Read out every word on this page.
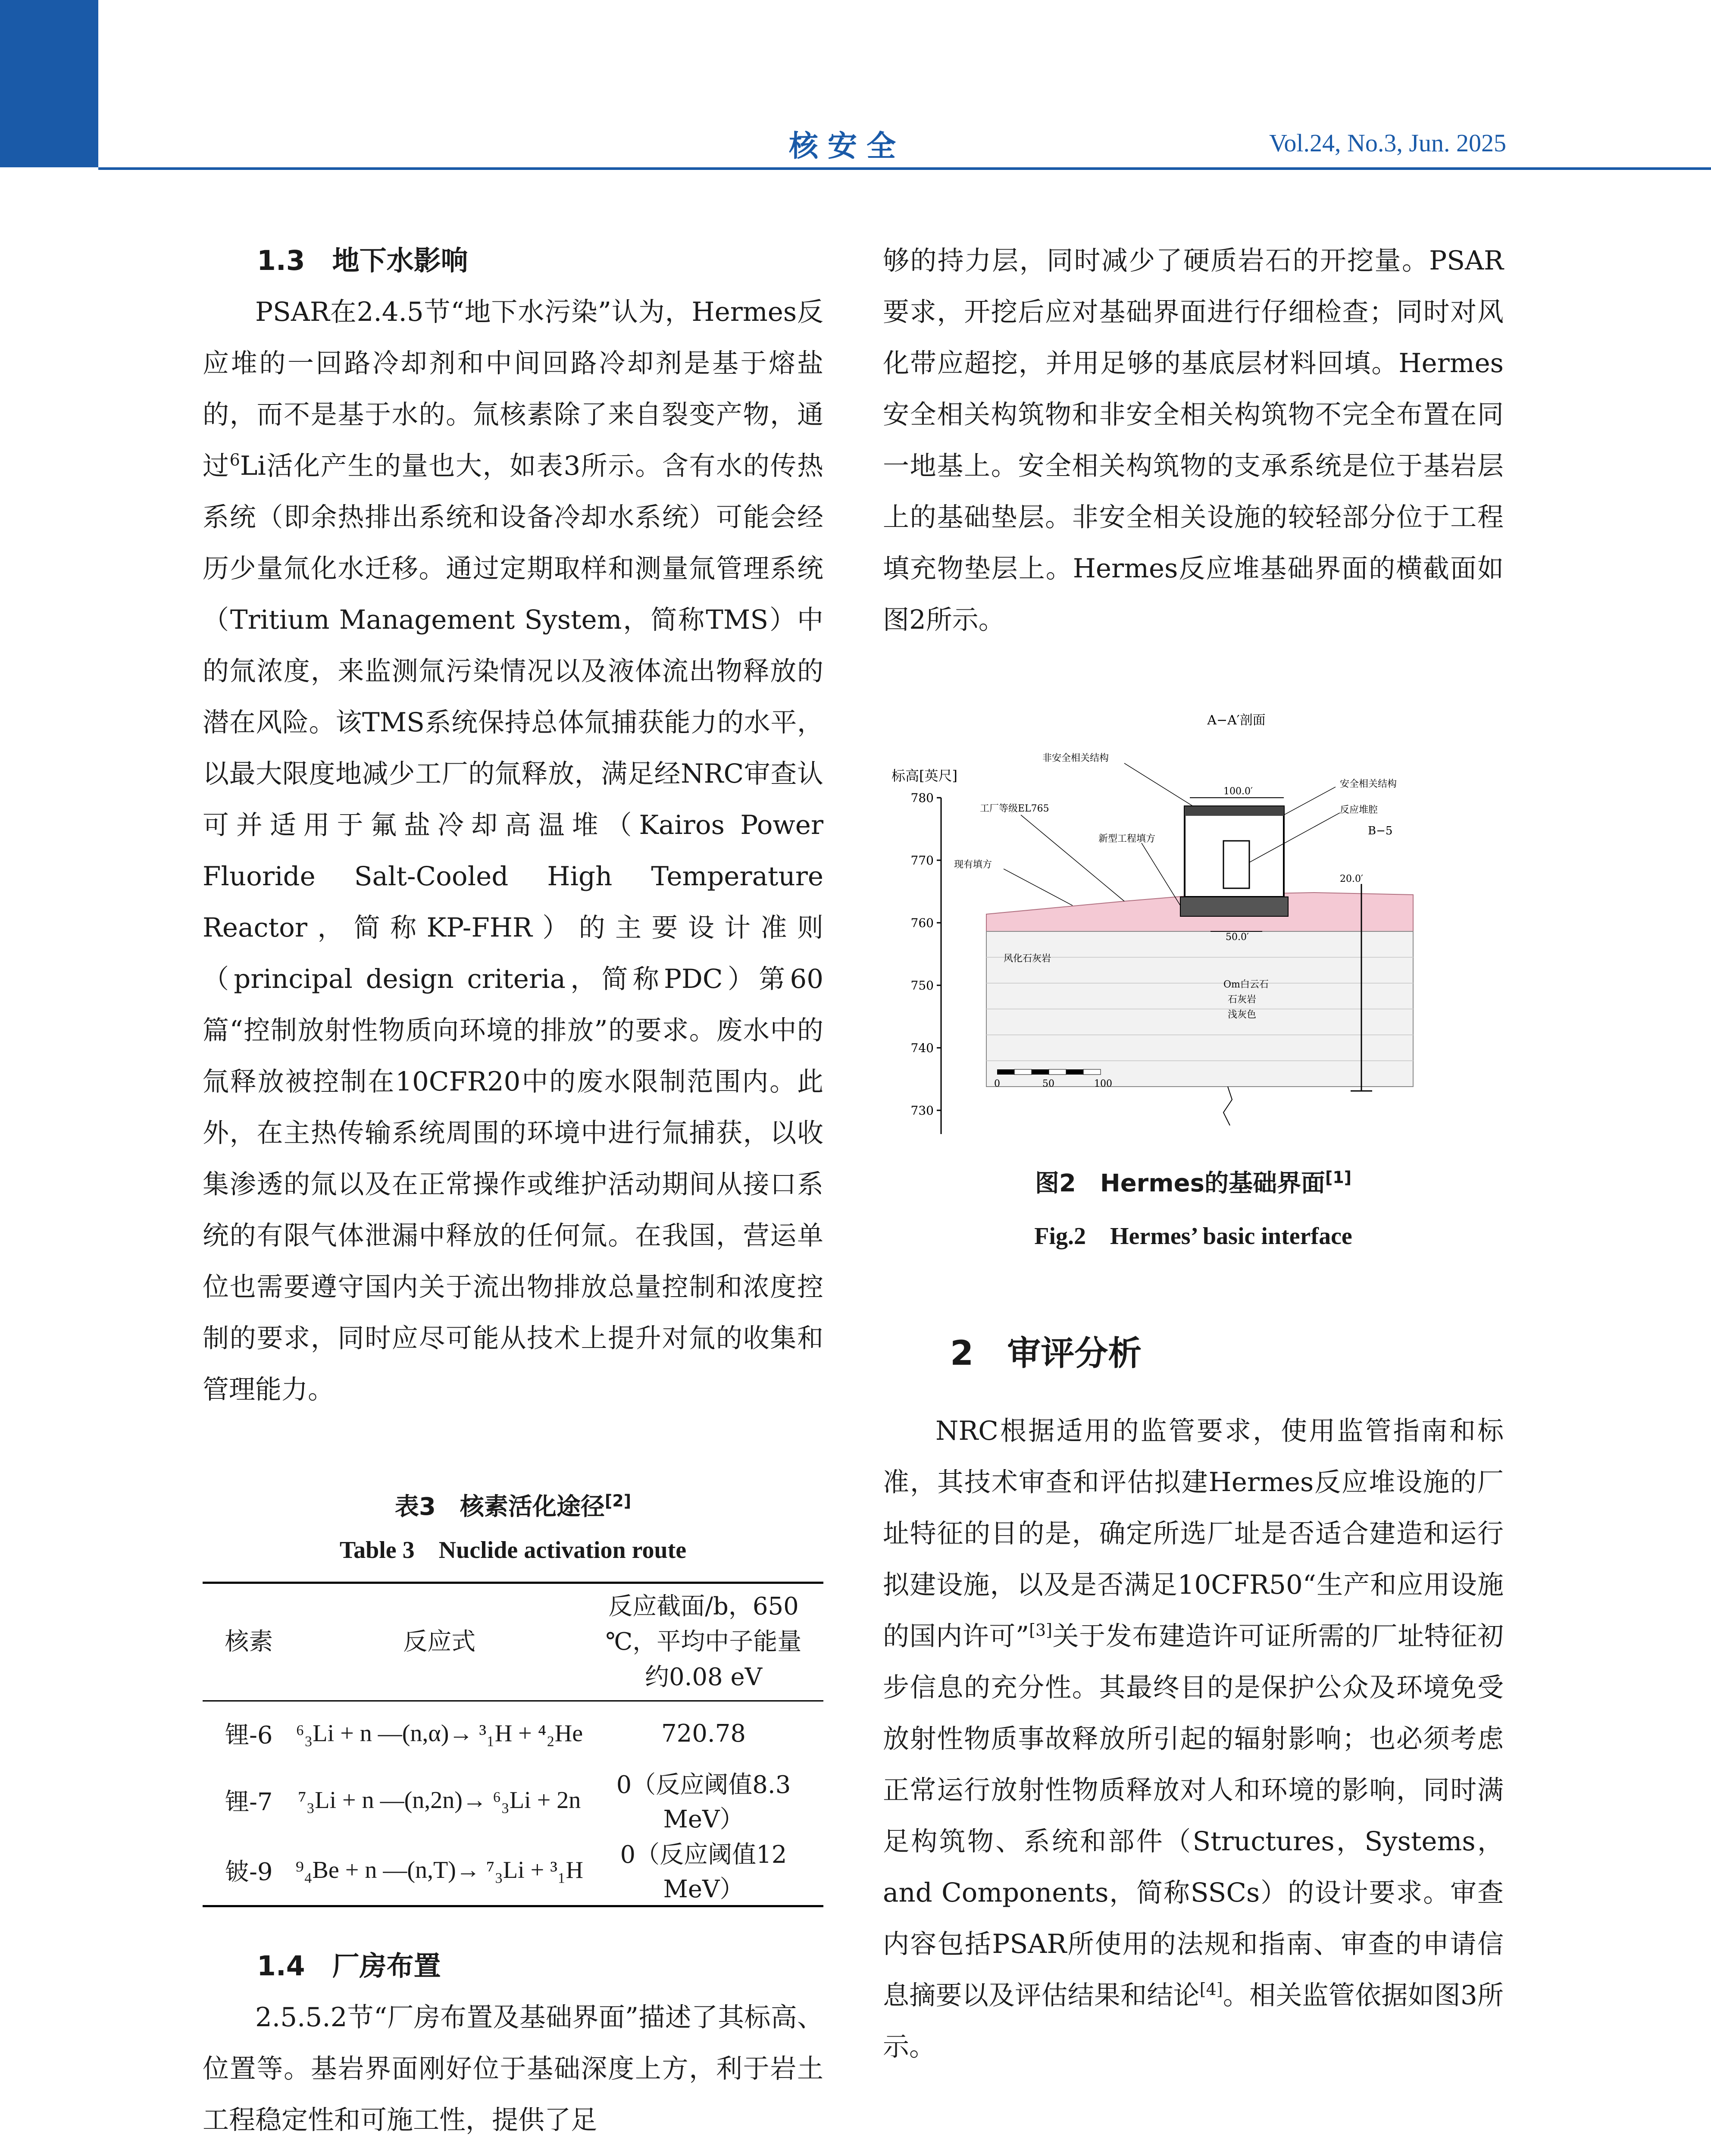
核安全	Vol.24, No.3, Jun. 2025

1.3　地下水影响

PSAR在2.4.5节“地下水污染”认为，Hermes反应堆的一回路冷却剂和中间回路冷却剂是基于熔盐的，而不是基于水的。氚核素除了来自裂变产物，通过$^6$Li活化产生的量也大，如表3所示。含有水的传热系统（即余热排出系统和设备冷却水系统）可能会经历少量氚化水迁移。通过定期取样和测量氚管理系统（Tritium Management System，简称TMS）中的氚浓度，来监测氚污染情况以及液体流出物释放的潜在风险。该TMS系统保持总体氚捕获能力的水平，以最大限度地减少工厂的氚释放，满足经NRC审查认可并适用于氟盐冷却高温堆（Kairos Power Fluoride Salt-Cooled High Temperature Reactor，简称KP-FHR）的主要设计准则（principal design criteria，简称PDC）第60篇“控制放射性物质向环境的排放”的要求。废水中的氚释放被控制在10CFR20中的废水限制范围内。此外，在主热传输系统周围的环境中进行氚捕获，以收集渗透的氚以及在正常操作或维护活动期间从接口系统的有限气体泄漏中释放的任何氚。在我国，营运单位也需要遵守国内关于流出物排放总量控制和浓度控制的要求，同时应尽可能从技术上提升对氚的收集和管理能力。

表3　核素活化途径[2]
Table 3　Nuclide activation route
核素	反应式	反应截面/b，650 ℃，平均中子能量约0.08 eV
锂-6	⁶₃Li + n —(n,α)→ ³₁H + ⁴₂He	720.78
锂-7	⁷₃Li + n —(n,2n)→ ⁶₃Li + 2n	0（反应阈值8.3 MeV）
铍-9	⁹₄Be + n —(n,T)→ ⁷₃Li + ³₁H	0（反应阈值12 MeV）

1.4　厂房布置

2.5.5.2节“厂房布置及基础界面”描述了其标高、位置等。基岩界面刚好位于基础深度上方，利于岩土工程稳定性和可施工性，提供了足

够的持力层，同时减少了硬质岩石的开挖量。PSAR要求，开挖后应对基础界面进行仔细检查；同时对风化带应超挖，并用足够的基底层材料回填。Hermes安全相关构筑物和非安全相关构筑物不完全布置在同一地基上。安全相关构筑物的支承系统是位于基岩层上的基础垫层。非安全相关设施的较轻部分位于工程填充物垫层上。Hermes反应堆基础界面的横截面如图2所示。

A−A′剖面
标高[英尺]
780
770
760
750
740
730
非安全相关结构
安全相关结构
100.0′
反应堆腔
工厂等级EL765
新型工程填方
现有填方
B−5
20.0′
50.0′
风化石灰岩
Om白云石
石灰岩
浅灰色
0	50	100
图2　Hermes的基础界面[1]
Fig.2　Hermes’ basic interface

2　审评分析

NRC根据适用的监管要求，使用监管指南和标准，其技术审查和评估拟建Hermes反应堆设施的厂址特征的目的是，确定所选厂址是否适合建造和运行拟建设施，以及是否满足10CFR50“生产和应用设施的国内许可”[3]关于发布建造许可证所需的厂址特征初步信息的充分性。其最终目的是保护公众及环境免受放射性物质事故释放所引起的辐射影响；也必须考虑正常运行放射性物质释放对人和环境的影响，同时满足构筑物、系统和部件（Structures，Systems，and Components，简称SSCs）的设计要求。审查内容包括PSAR所使用的法规和指南、审查的申请信息摘要以及评估结果和结论[4]。相关监管依据如图3所示。
